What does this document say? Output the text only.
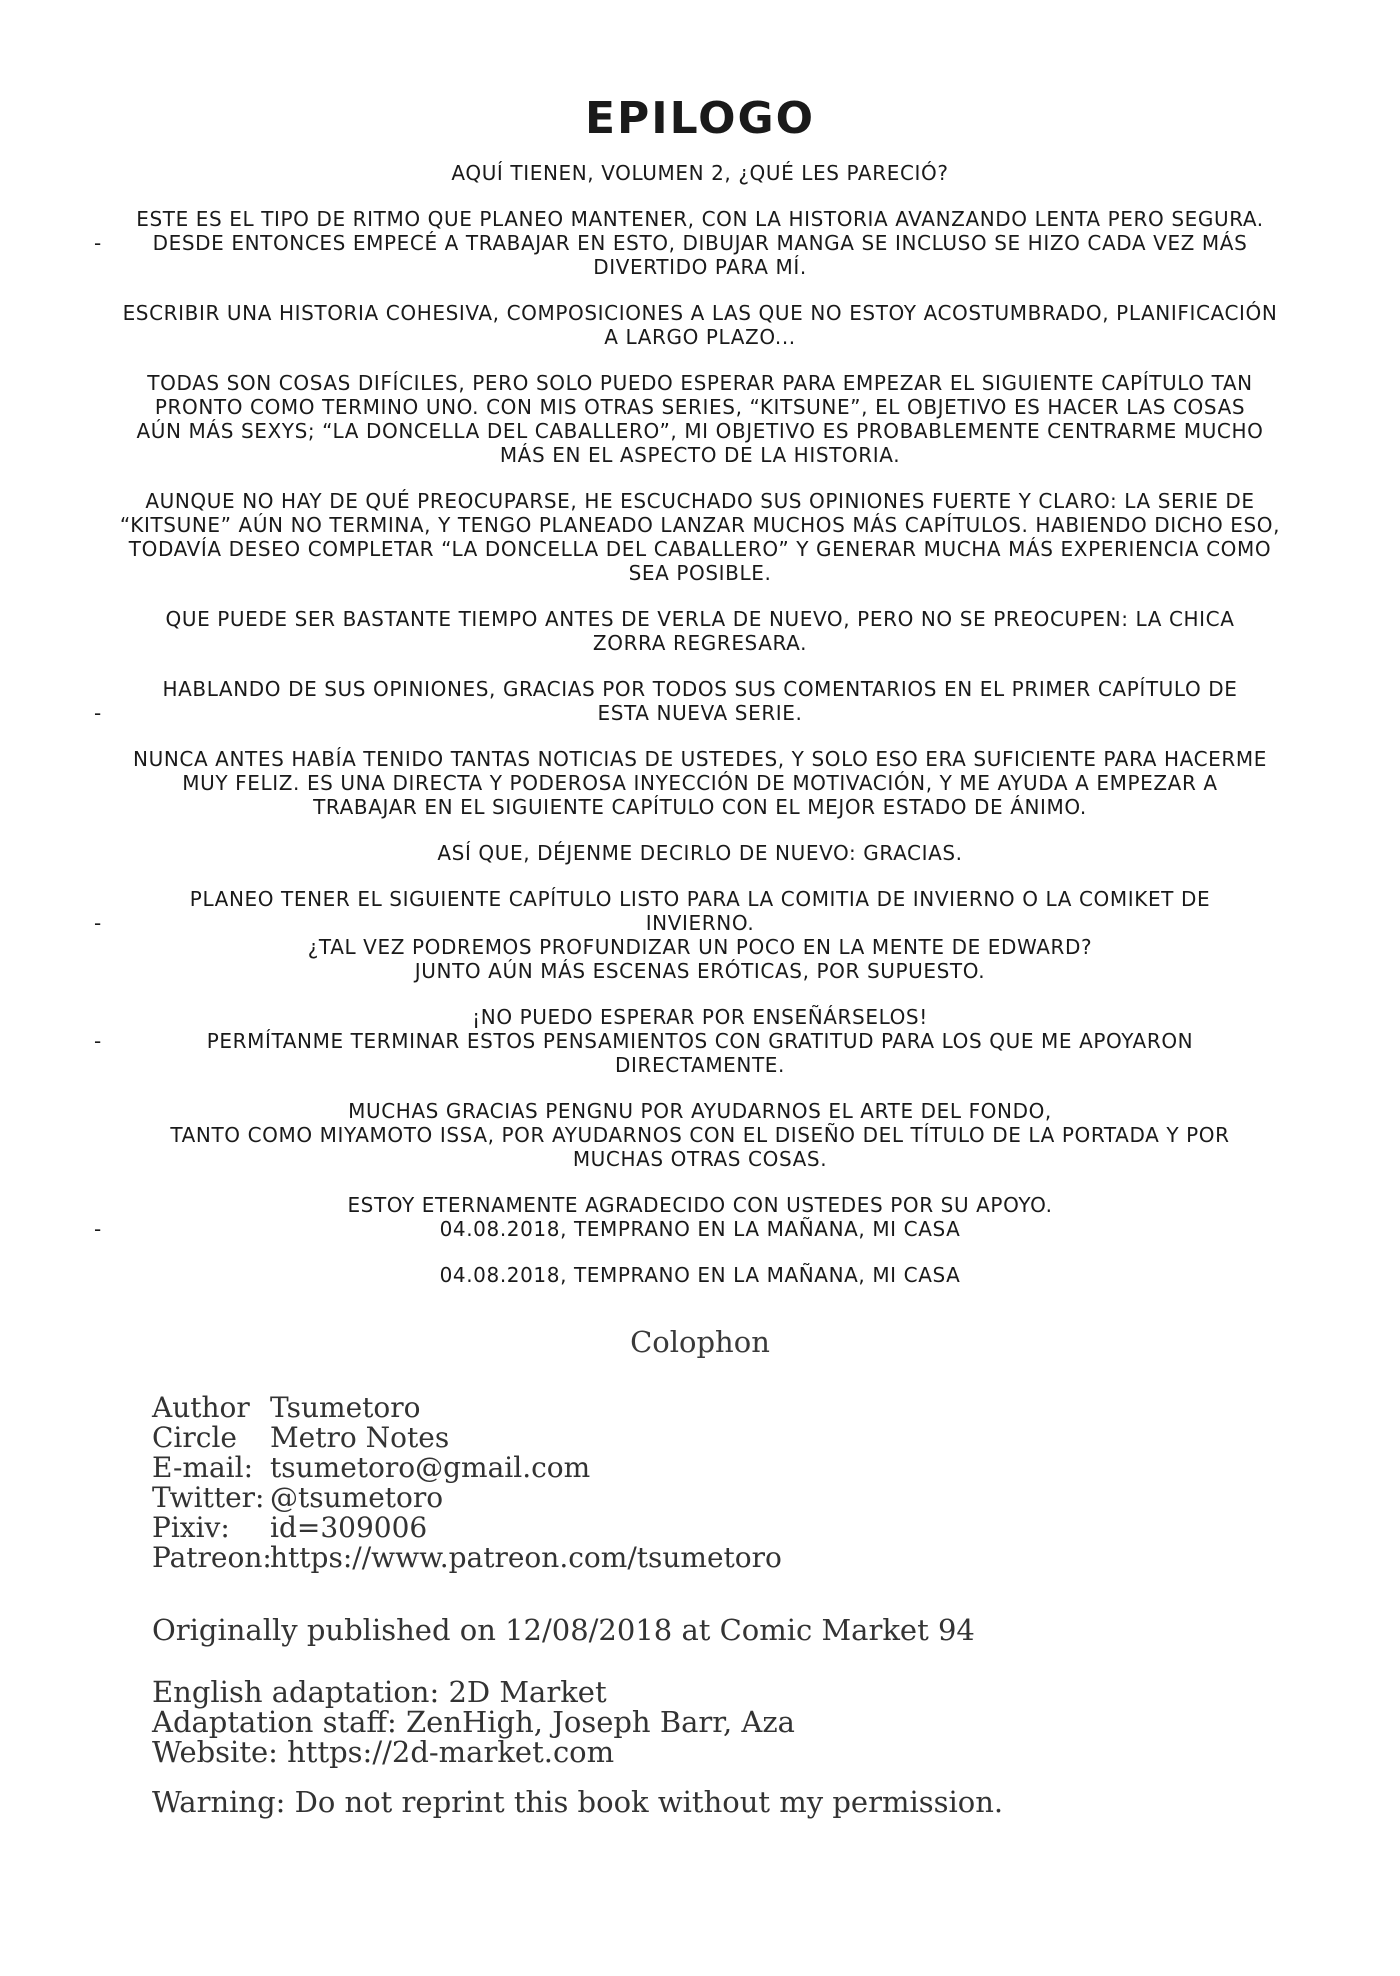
EPILOGO
AQUÍ TIENEN, VOLUMEN 2, ¿QUÉ LES PARECIÓ?
-
ESTE ES EL TIPO DE RITMO QUE PLANEO MANTENER, CON LA HISTORIA AVANZANDO LENTA PERO SEGURA.
DESDE ENTONCES EMPECÉ A TRABAJAR EN ESTO, DIBUJAR MANGA SE INCLUSO SE HIZO CADA VEZ MÁS
DIVERTIDO PARA MÍ.
ESCRIBIR UNA HISTORIA COHESIVA, COMPOSICIONES A LAS QUE NO ESTOY ACOSTUMBRADO, PLANIFICACIÓN
A LARGO PLAZO...
TODAS SON COSAS DIFÍCILES, PERO SOLO PUEDO ESPERAR PARA EMPEZAR EL SIGUIENTE CAPÍTULO TAN
PRONTO COMO TERMINO UNO. CON MIS OTRAS SERIES, “KITSUNE”, EL OBJETIVO ES HACER LAS COSAS
AÚN MÁS SEXYS; “LA DONCELLA DEL CABALLERO”, MI OBJETIVO ES PROBABLEMENTE CENTRARME MUCHO
MÁS EN EL ASPECTO DE LA HISTORIA.
AUNQUE NO HAY DE QUÉ PREOCUPARSE, HE ESCUCHADO SUS OPINIONES FUERTE Y CLARO: LA SERIE DE
“KITSUNE” AÚN NO TERMINA, Y TENGO PLANEADO LANZAR MUCHOS MÁS CAPÍTULOS. HABIENDO DICHO ESO,
TODAVÍA DESEO COMPLETAR “LA DONCELLA DEL CABALLERO” Y GENERAR MUCHA MÁS EXPERIENCIA COMO
SEA POSIBLE.
QUE PUEDE SER BASTANTE TIEMPO ANTES DE VERLA DE NUEVO, PERO NO SE PREOCUPEN: LA CHICA
ZORRA REGRESARA.
-
HABLANDO DE SUS OPINIONES, GRACIAS POR TODOS SUS COMENTARIOS EN EL PRIMER CAPÍTULO DE
ESTA NUEVA SERIE.
NUNCA ANTES HABÍA TENIDO TANTAS NOTICIAS DE USTEDES, Y SOLO ESO ERA SUFICIENTE PARA HACERME
MUY FELIZ. ES UNA DIRECTA Y PODEROSA INYECCIÓN DE MOTIVACIÓN, Y ME AYUDA A EMPEZAR A
TRABAJAR EN EL SIGUIENTE CAPÍTULO CON EL MEJOR ESTADO DE ÁNIMO.
ASÍ QUE, DÉJENME DECIRLO DE NUEVO: GRACIAS.
-
PLANEO TENER EL SIGUIENTE CAPÍTULO LISTO PARA LA COMITIA DE INVIERNO O LA COMIKET DE
INVIERNO.
¿TAL VEZ PODREMOS PROFUNDIZAR UN POCO EN LA MENTE DE EDWARD?
JUNTO AÚN MÁS ESCENAS ERÓTICAS, POR SUPUESTO.
-
¡NO PUEDO ESPERAR POR ENSEÑÁRSELOS!
PERMÍTANME TERMINAR ESTOS PENSAMIENTOS CON GRATITUD PARA LOS QUE ME APOYARON
DIRECTAMENTE.
MUCHAS GRACIAS PENGNU POR AYUDARNOS EL ARTE DEL FONDO,
TANTO COMO MIYAMOTO ISSA, POR AYUDARNOS CON EL DISEÑO DEL TÍTULO DE LA PORTADA Y POR
MUCHAS OTRAS COSAS.
-
ESTOY ETERNAMENTE AGRADECIDO CON USTEDES POR SU APOYO.
04.08.2018, TEMPRANO EN LA MAÑANA, MI CASA
04.08.2018, TEMPRANO EN LA MAÑANA, MI CASA
Colophon
Author Tsumetoro
Circle	Metro Notes
E-mail: tsumetoro@gmail.com
Twitter: @tsumetoro
Pixiv:	id=309006
Patreon:
https://www.patreon.com/tsumetoro
Originally published on 12/08/2018 at Comic Market 94
English adaptation: 2D Market
Adaptation staff: ZenHigh, Joseph Barr, Aza
Website: https://2d-market.com
Warning: Do not reprint this book without my permission.
